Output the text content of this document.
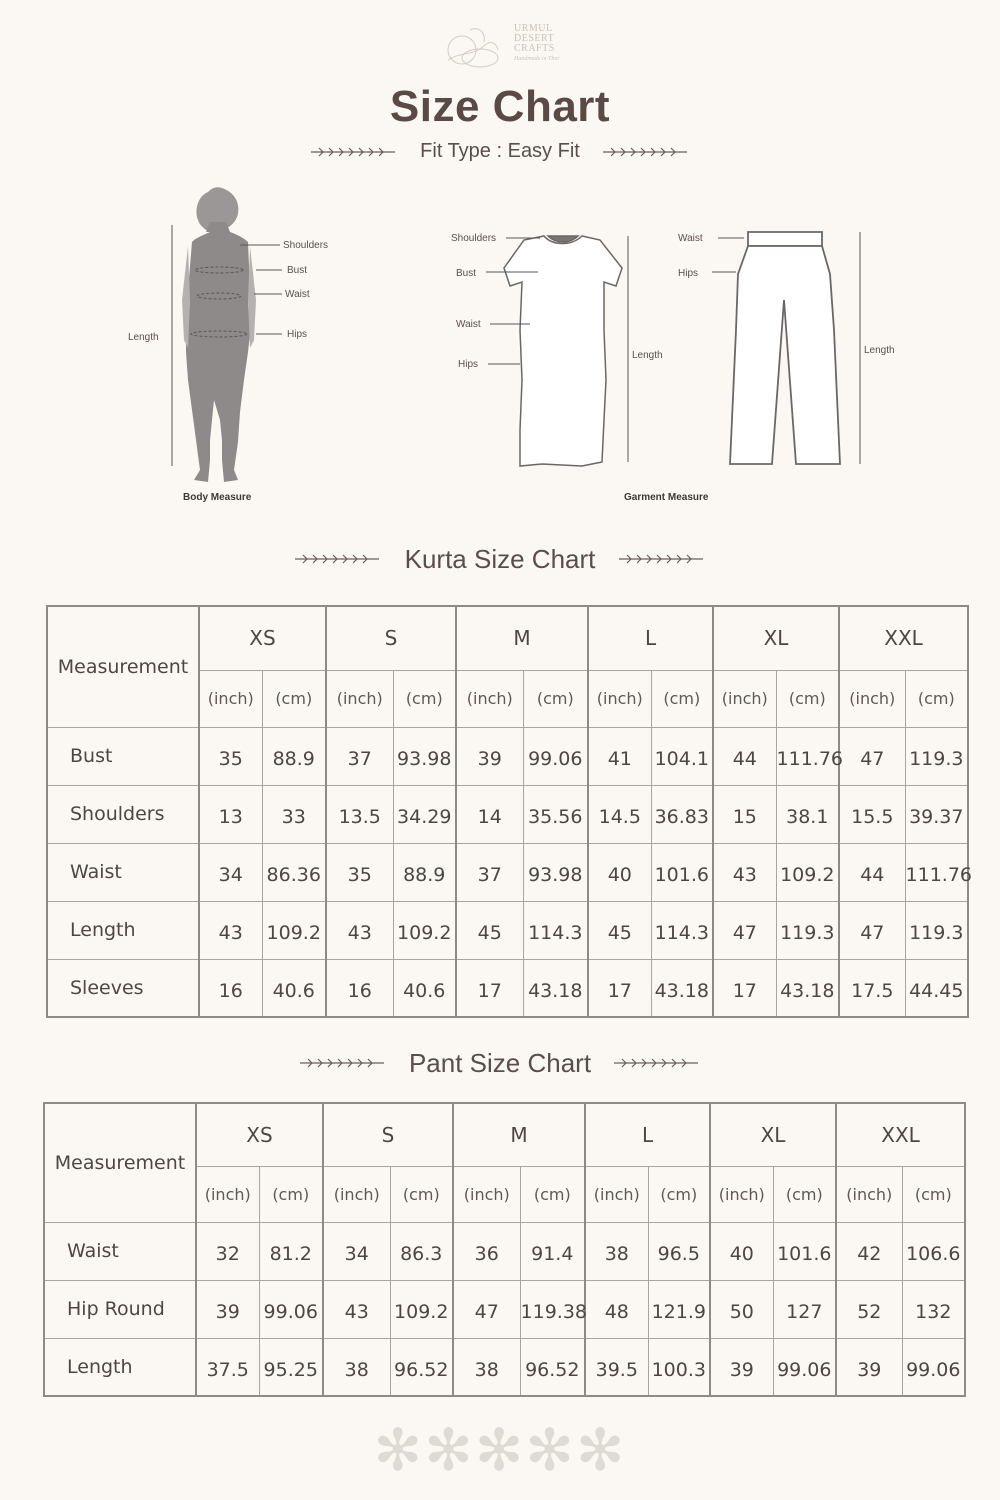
URMUL
DESERT
CRAFTS
Handmade in Thar
Size Chart
Fit Type : Easy Fit
Shoulders
Bust
Waist
Hips
Length
Body Measure
Shoulders
Bust
Waist
Hips
Length
Waist
Hips
Length
Garment Measure
Kurta Size Chart
Measurement	XS		S		M		L		XL		XXL	
	(inch)	(cm)	(inch)	(cm)	(inch)	(cm)	(inch)	(cm)	(inch)	(cm)	(inch)	(cm)
Bust	35	88.9	37	93.98	39	99.06	41	104.1	44	111.76	47	119.3
Shoulders	13	33	13.5	34.29	14	35.56	14.5	36.83	15	38.1	15.5	39.37
Waist	34	86.36	35	88.9	37	93.98	40	101.6	43	109.2	44	111.76
Length	43	109.2	43	109.2	45	114.3	45	114.3	47	119.3	47	119.3
Sleeves	16	40.6	16	40.6	17	43.18	17	43.18	17	43.18	17.5	44.45
Pant Size Chart
Measurement	XS		S		M		L		XL		XXL	
	(inch)	(cm)	(inch)	(cm)	(inch)	(cm)	(inch)	(cm)	(inch)	(cm)	(inch)	(cm)
Waist	32	81.2	34	86.3	36	91.4	38	96.5	40	101.6	42	106.6
Hip Round	39	99.06	43	109.2	47	119.38	48	121.9	50	127	52	132
Length	37.5	95.25	38	96.52	38	96.52	39.5	100.3	39	99.06	39	99.06
✻✻✻✻✻
